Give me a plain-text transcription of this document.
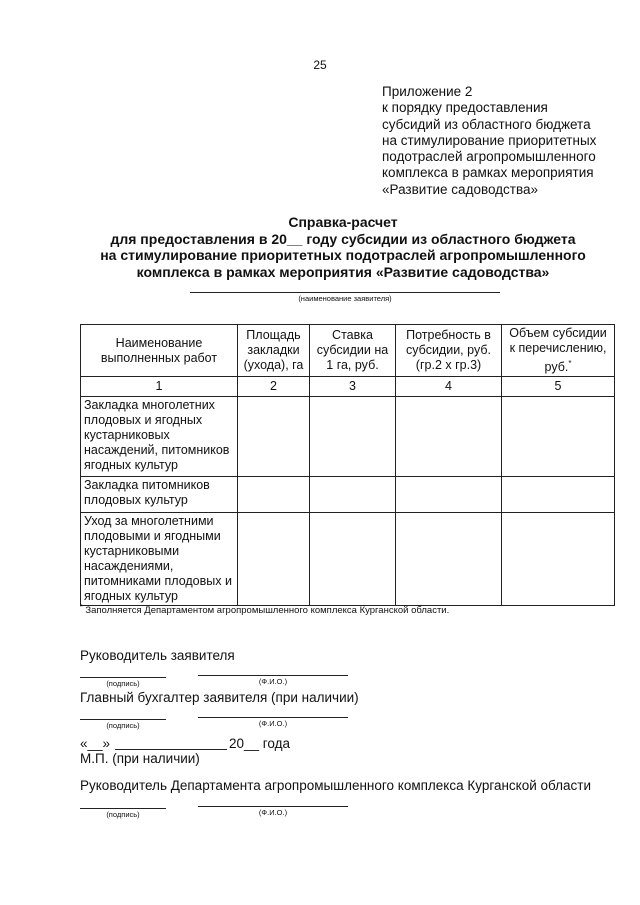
25
Приложение 2
к порядку предоставления
субсидий из областного бюджета
на стимулирование приоритетных
подотраслей агропромышленного
комплекса в рамках мероприятия
«Развитие садоводства»
Справка-расчет
для предоставления в 20__ году субсидии из областного бюджета
на стимулирование приоритетных подотраслей агропромышленного
комплекса в рамках мероприятия «Развитие садоводства»
(наименование заявителя)
Наименование выполненных работ	Площадь закладки (ухода), га	Ставка субсидии на 1 га, руб.	Потребность в субсидии, руб. (гр.2 х гр.3)	Объем субсидии к перечислению, руб.*
1	2	3	4	5
Закладка многолетних плодовых и ягодных кустарниковых насаждений, питомников ягодных культур				
Закладка питомников плодовых культур				
Уход за многолетними плодовыми и ягодными кустарниковыми насаждениями, питомниками плодовых и ягодных культур				
* Заполняется Департаментом агропромышленного комплекса Курганской области.
Руководитель заявителя
(подпись)	(Ф.И.О.)
Главный бухгалтер заявителя (при наличии)
(подпись)	(Ф.И.О.)
«__»	20__ года
М.П. (при наличии)
Руководитель Департамента агропромышленного комплекса Курганской области
(подпись)	(Ф.И.О.)
